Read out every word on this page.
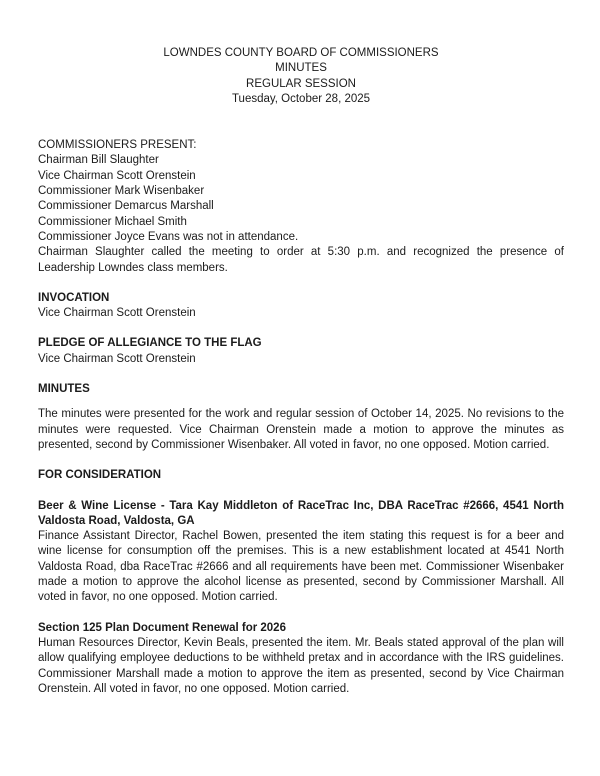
LOWNDES COUNTY BOARD OF COMMISSIONERS
MINUTES
REGULAR SESSION
Tuesday, October 28, 2025
COMMISSIONERS PRESENT:
Chairman Bill Slaughter
Vice Chairman Scott Orenstein
Commissioner Mark Wisenbaker
Commissioner Demarcus Marshall
Commissioner Michael Smith

Commissioner Joyce Evans was not in attendance.

Chairman Slaughter called the meeting to order at 5:30 p.m. and recognized the presence of Leadership Lowndes class members.

INVOCATION
Vice Chairman Scott Orenstein
PLEDGE OF ALLEGIANCE TO THE FLAG
Vice Chairman Scott Orenstein
MINUTES

The minutes were presented for the work and regular session of October 14, 2025. No revisions to the minutes were requested. Vice Chairman Orenstein made a motion to approve the minutes as presented, second by Commissioner Wisenbaker. All voted in favor, no one opposed. Motion carried.

FOR CONSIDERATION

Beer & Wine License - Tara Kay Middleton of RaceTrac Inc, DBA RaceTrac #2666, 4541 North Valdosta Road, Valdosta, GA

Finance Assistant Director, Rachel Bowen, presented the item stating this request is for a beer and wine license for consumption off the premises. This is a new establishment located at 4541 North Valdosta Road, dba RaceTrac #2666 and all requirements have been met. Commissioner Wisenbaker made a motion to approve the alcohol license as presented, second by Commissioner Marshall. All voted in favor, no one opposed. Motion carried.

Section 125 Plan Document Renewal for 2026

Human Resources Director, Kevin Beals, presented the item. Mr. Beals stated approval of the plan will allow qualifying employee deductions to be withheld pretax and in accordance with the IRS guidelines. Commissioner Marshall made a motion to approve the item as presented, second by Vice Chairman Orenstein. All voted in favor, no one opposed. Motion carried.
